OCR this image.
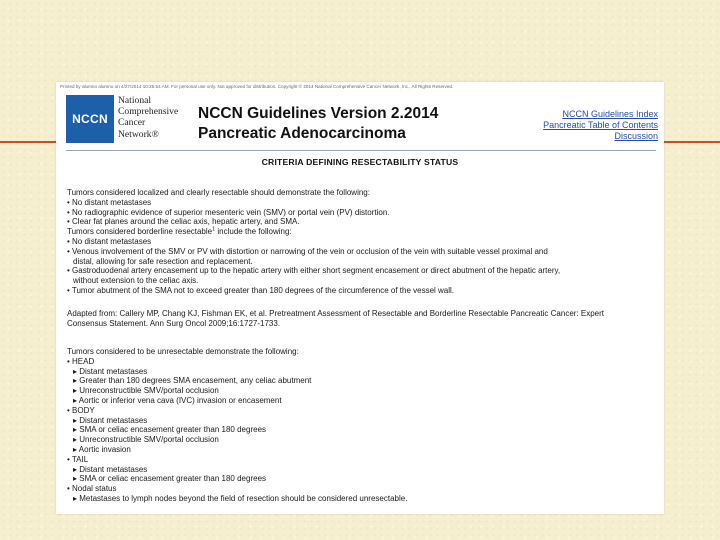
Printed by alumno alumno on 4/27/2014 10:25:54 AM. For personal use only. Not approved for distribution. Copyright © 2014 National Comprehensive Cancer Network, Inc., All Rights Reserved.
NCCN
National
Comprehensive
Cancer
Network®
NCCN Guidelines Version 2.2014
Pancreatic Adenocarcinoma
NCCN Guidelines Index
Pancreatic Table of Contents
Discussion
CRITERIA DEFINING RESECTABILITY STATUS
Tumors considered localized and clearly resectable should demonstrate the following:
• No distant metastases
• No radiographic evidence of superior mesenteric vein (SMV) or portal vein (PV) distortion.
• Clear fat planes around the celiac axis, hepatic artery, and SMA.
Tumors considered borderline resectable$^1$ include the following:
• No distant metastases
• Venous involvement of the SMV or PV with distortion or narrowing of the vein or occlusion of the vein with suitable vessel proximal and
distal, allowing for safe resection and replacement.
• Gastroduodenal artery encasement up to the hepatic artery with either short segment encasement or direct abutment of the hepatic artery,
without extension to the celiac axis.
• Tumor abutment of the SMA not to exceed greater than 180 degrees of the circumference of the vessel wall.
Adapted from: Callery MP, Chang KJ, Fishman EK, et al. Pretreatment Assessment of Resectable and Borderline Resectable Pancreatic Cancer: Expert
Consensus Statement. Ann Surg Oncol 2009;16:1727-1733.
Tumors considered to be unresectable demonstrate the following:
• HEAD
▸ Distant metastases
▸ Greater than 180 degrees SMA encasement, any celiac abutment
▸ Unreconstructible SMV/portal occlusion
▸ Aortic or inferior vena cava (IVC) invasion or encasement
• BODY
▸ Distant metastases
▸ SMA or celiac encasement greater than 180 degrees
▸ Unreconstructible SMV/portal occlusion
▸ Aortic invasion
• TAIL
▸ Distant metastases
▸ SMA or celiac encasement greater than 180 degrees
• Nodal status
▸ Metastases to lymph nodes beyond the field of resection should be considered unresectable.
